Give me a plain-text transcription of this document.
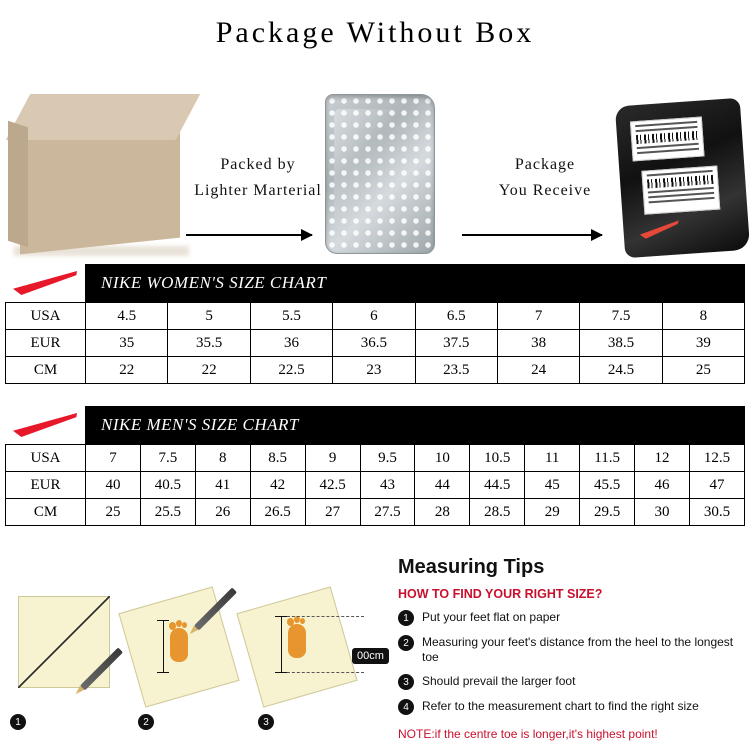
Package Without Box
Packed by
Lighter Marterial
Package
You Receive
NIKE WOMEN'S SIZE CHART
USA	4.5	5	5.5	6	6.5	7	7.5	8
EUR	35	35.5	36	36.5	37.5	38	38.5	39
CM	22	22	22.5	23	23.5	24	24.5	25
NIKE MEN'S SIZE CHART
USA	7	7.5	8	8.5	9	9.5	10	10.5	11	11.5	12	12.5
EUR	40	40.5	41	42	42.5	43	44	44.5	45	45.5	46	47
CM	25	25.5	26	26.5	27	27.5	28	28.5	29	29.5	30	30.5
1	2
00cm
3
Measuring Tips
HOW TO FIND YOUR RIGHT SIZE?
1	Put your feet flat on paper
2	Measuring your feet's distance from the heel to the longest toe
3	Should prevail the larger foot
4	Refer to the measurement chart to find the right size
NOTE:if the centre toe is longer,it's highest point!
